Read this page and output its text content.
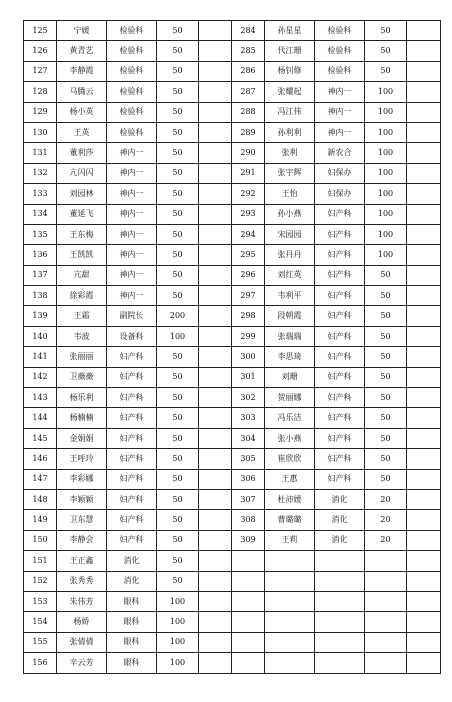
125	宁媛	检验科	50		284	孙星星	检验科	50	
126	黄青艺	检验科	50		285	代江珊	检验科	50	
127	李静霞	检验科	50		286	杨钊修	检验科	50	
128	马腾云	检验科	50		287	张耀起	神内一	100	
129	杨小英	检验科	50		288	冯江伟	神内一	100	
130	王英	检验科	50		289	孙利利	神内一	100	
131	董利莎	神内一	50		290	张利	新农合	100	
132	亢闪闪	神内一	50		291	张宇辉	妇保办	100	
133	刘园林	神内一	50		292	王怡	妇保办	100	
134	董延飞	神内一	50		293	孙小燕	妇产科	100	
135	王东梅	神内一	50		294	宋园园	妇产科	100	
136	王凯凯	神内一	50		295	张丹丹	妇产科	100	
137	亢甜	神内一	50		296	刘红英	妇产科	50	
138	徐彩霞	神内一	50		297	韦利平	妇产科	50	
139	王霜	副院长	200		298	段朝霞	妇产科	50	
140	韦波	设备科	100		299	张瑞瑞	妇产科	50	
141	张丽丽	妇产科	50		300	李思琦	妇产科	50	
142	卫薇薇	妇产科	50		301	刘珊	妇产科	50	
143	杨乐利	妇产科	50		302	贺丽娜	妇产科	50	
144	杨楠楠	妇产科	50		303	冯乐洁	妇产科	50	
145	金娟娟	妇产科	50		304	张小燕	妇产科	50	
146	王呼玲	妇产科	50		305	崔欣欣	妇产科	50	
147	李彩娜	妇产科	50		306	王惠	妇产科	50	
148	李颖颖	妇产科	50		307	杜沛媛	消化	20	
149	卫东慧	妇产科	50		308	曹璐璐	消化	20	
150	李静会	妇产科	50		309	王莉	消化	20	
151	王正鑫	消化	50						
152	张秀秀	消化	50						
153	朱伟芳	眼科	100						
154	杨娇	眼科	100						
155	张倩倩	眼科	100						
156	辛云芳	眼科	100						
